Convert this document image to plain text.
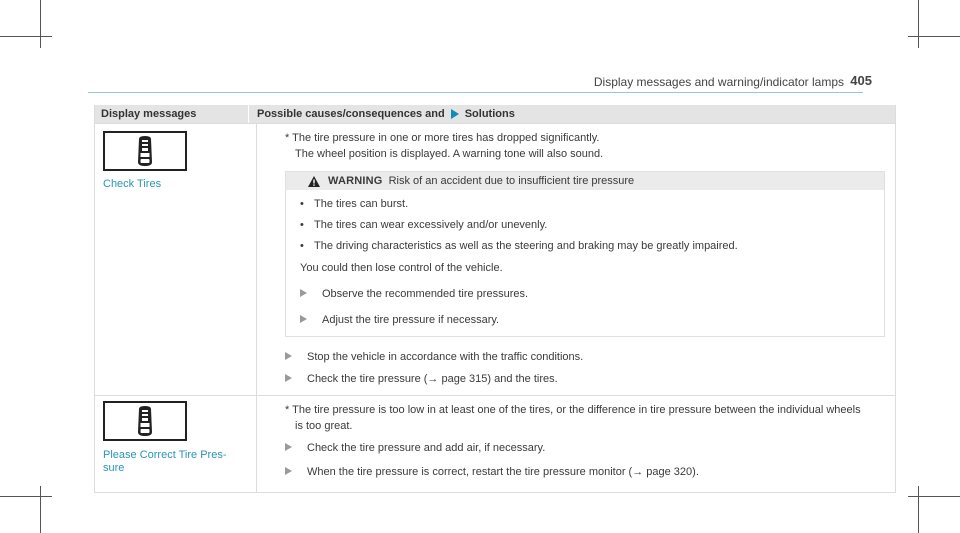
Display messages and warning/indicator lamps 405
Display messages	Possible causes/consequences and Solutions
Check Tires

* The tire pressure in one or more tires has dropped significantly.

The wheel position is displayed. A warning tone will also sound.

WARNING Risk of an accident due to insufficient tire pressure
• The tires can burst.
• The tires can wear excessively and/or unevenly.
• The driving characteristics as well as the steering and braking may be greatly impaired.
You could then lose control of the vehicle.
Observe the recommended tire pressures.
Adjust the tire pressure if necessary.
Stop the vehicle in accordance with the traffic conditions.
Check the tire pressure (→ page 315) and the tires.
Please Correct Tire Pres-
sure

* The tire pressure is too low in at least one of the tires, or the difference in tire pressure between the individual wheels

is too great.

Check the tire pressure and add air, if necessary.
When the tire pressure is correct, restart the tire pressure monitor (→ page 320).
